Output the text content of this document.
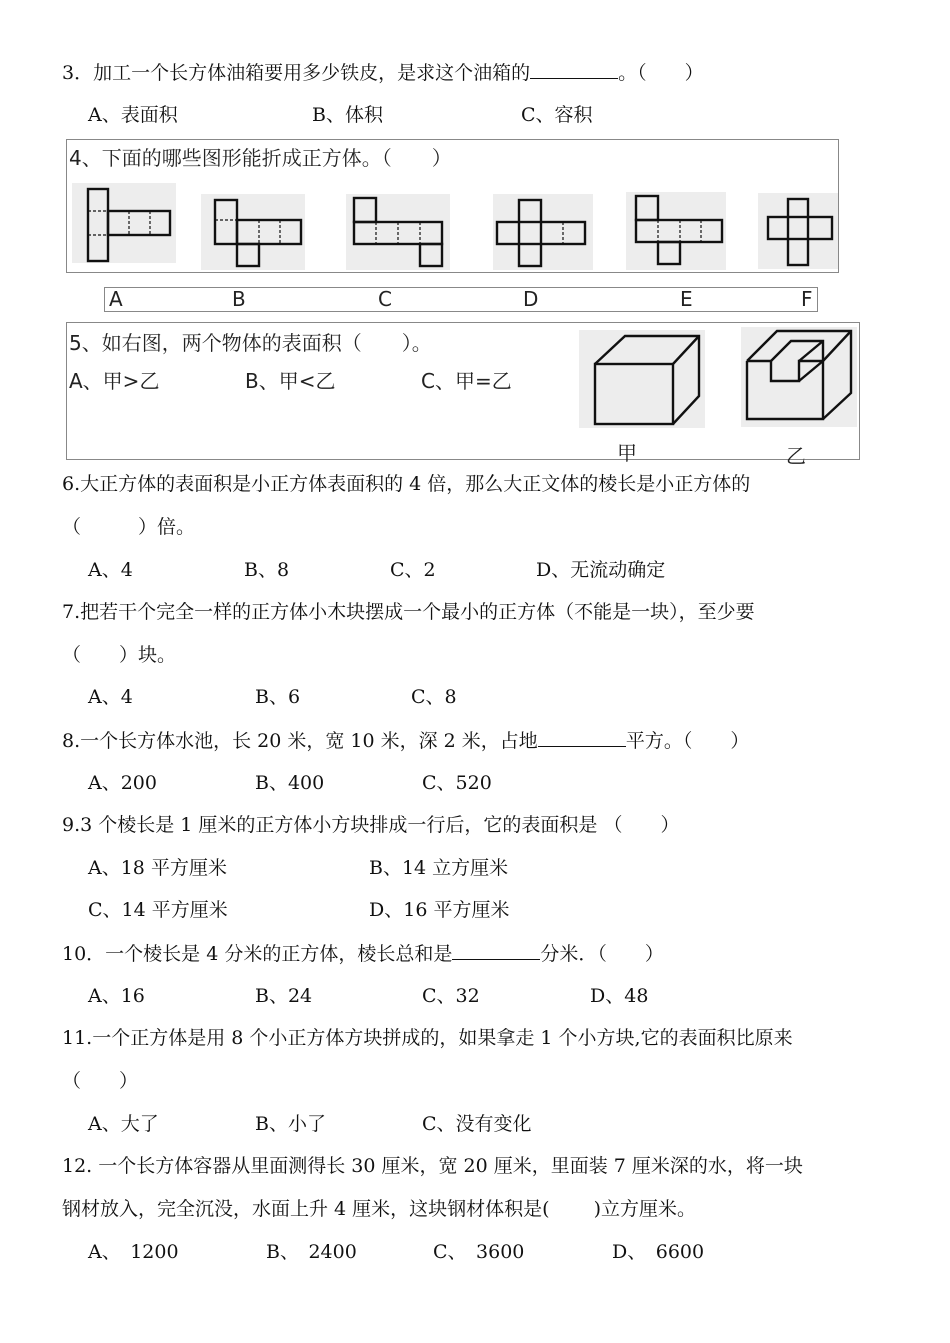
3．加工一个长方体油箱要用多少铁皮，是求这个油箱的	。（　　）
A、表面积	B、体积	C、容积
4、下面的哪些图形能折成正方体。（　　）
A	B	C	D	E	F
5、如右图，两个物体的表面积（　　）。
A、甲>乙	B、甲<乙	C、甲=乙
甲	乙
6.大正方体的表面积是小正方体表面积的 4 倍，那么大正文体的棱长是小正方体的
（　　　）倍。
A、4	B、8	C、2	D、无流动确定
7.把若干个完全一样的正方体小木块摆成一个最小的正方体（不能是一块），至少要
（　　）块。
A、4	B、6	C、8
8.一个长方体水池，长 20 米，宽 10 米，深 2 米，占地	平方。（　　）
A、200	B、400	C、520
9.3 个棱长是 1 厘米的正方体小方块排成一行后，它的表面积是 （　　）
A、18 平方厘米	B、14 立方厘米
C、14 平方厘米	D、16 平方厘米
10．一个棱长是 4 分米的正方体，棱长总和是	分米．（　　）
A、16	B、24	C、32	D、48
11.一个正方体是用 8 个小正方体方块拼成的，如果拿走 1 个小方块,它的表面积比原来
（　　）
A、大了	B、小了	C、没有变化
12. 一个长方体容器从里面测得长 30 厘米，宽 20 厘米，里面装 7 厘米深的水，将一块
钢材放入，完全沉没，水面上升 4 厘米，这块钢材体积是(　　 )立方厘米。
A、　1200	B、　2400	C、　3600	D、　6600
